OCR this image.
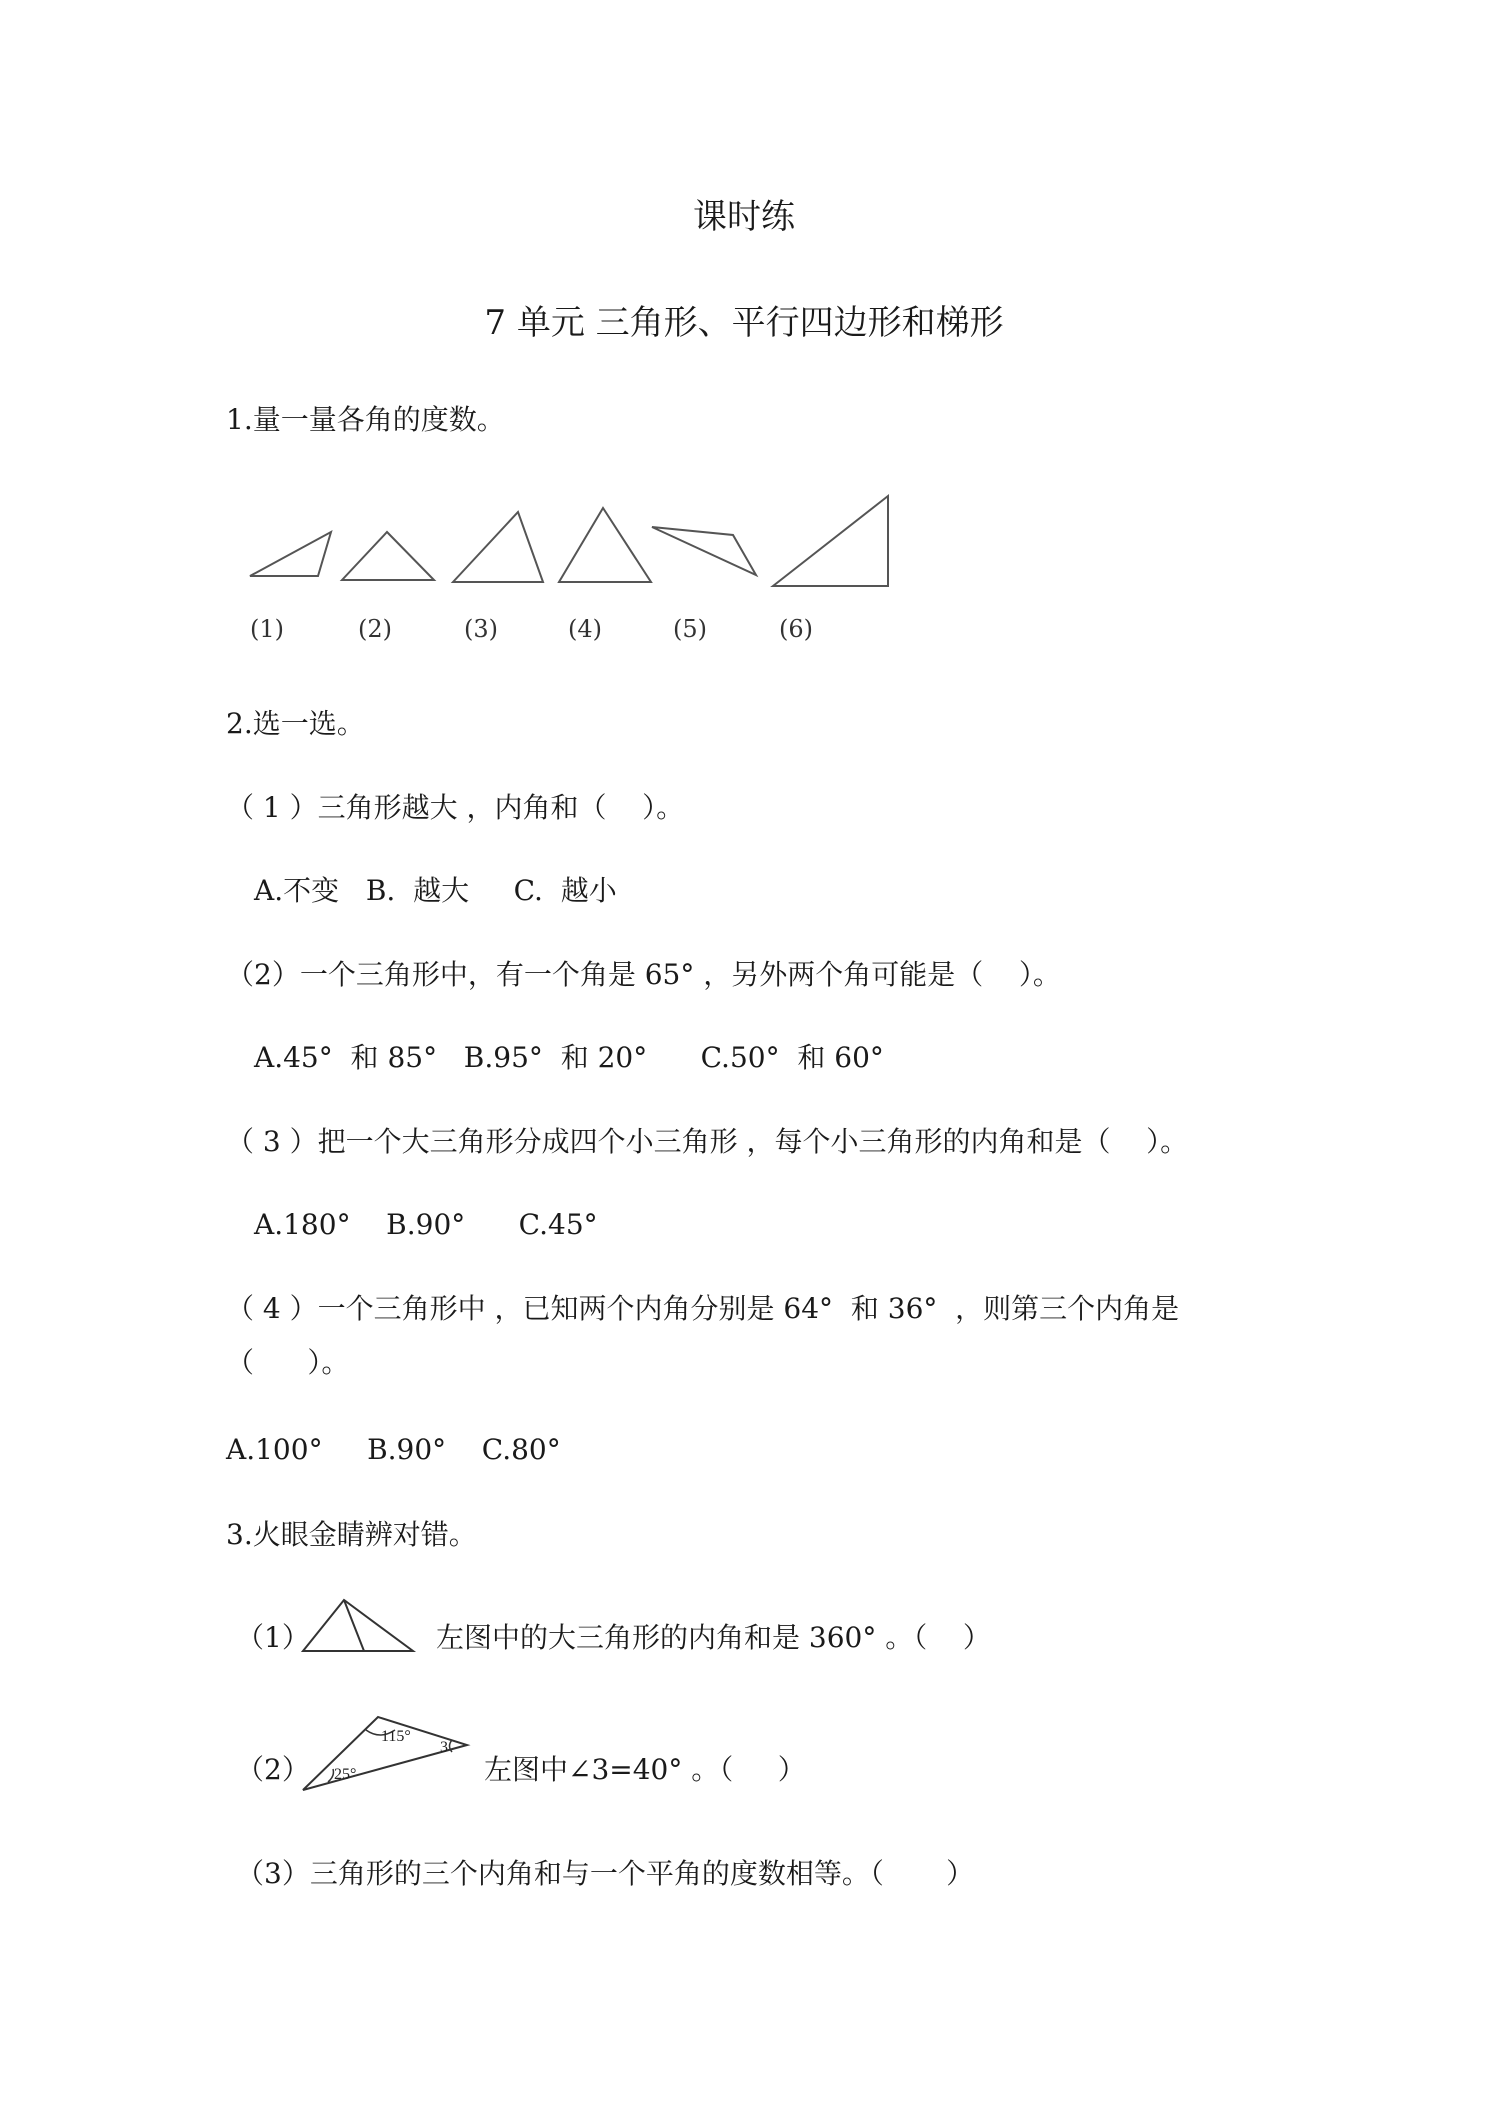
课时练
7 单元 三角形、平行四边形和梯形
1.量一量各角的度数。
(1)	(2)	(3)	(4)	(5)	(6)
2.选一选。
（ 1 ）三角形越大 ，内角和（    ）。
A.不变   B.  越大     C.  越小
（2）一个三角形中，有一个角是 65° ，另外两个角可能是（    ）。
A.45°  和 85°   B.95°  和 20°      C.50°  和 60°
（ 3 ）把一个大三角形分成四个小三角形 ，每个小三角形的内角和是（    ）。
A.180°    B.90°      C.45°
（ 4 ）一个三角形中 ，已知两个内角分别是 64°  和 36°  ，则第三个内角是
（      ）。
A.100°     B.90°    C.80°
3.火眼金睛辨对错。
（1）	左图中的大三角形的内角和是 360° 。（    ）
（2）
115°
25°
3
左图中∠3=40° 。（     ）
（3）三角形的三个内角和与一个平角的度数相等。（       ）
